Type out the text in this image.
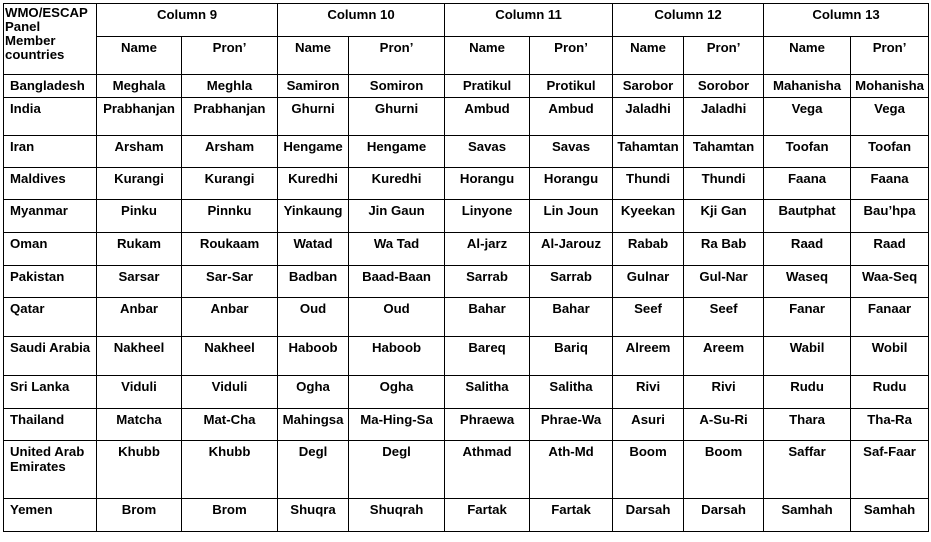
WMO/ESCAP Panel Member countries	Column 9		Column 10		Column 11		Column 12		Column 13	
	Name	Pron’	Name	Pron’	Name	Pron’	Name	Pron’	Name	Pron’
Bangladesh	Meghala	Meghla	Samiron	Somiron	Pratikul	Protikul	Sarobor	Sorobor	Mahanisha	Mohanisha
India	Prabhanjan	Prabhanjan	Ghurni	Ghurni	Ambud	Ambud	Jaladhi	Jaladhi	Vega	Vega
Iran	Arsham	Arsham	Hengame	Hengame	Savas	Savas	Tahamtan	Tahamtan	Toofan	Toofan
Maldives	Kurangi	Kurangi	Kuredhi	Kuredhi	Horangu	Horangu	Thundi	Thundi	Faana	Faana
Myanmar	Pinku	Pinnku	Yinkaung	Jin Gaun	Linyone	Lin Joun	Kyeekan	Kji Gan	Bautphat	Bau’hpa
Oman	Rukam	Roukaam	Watad	Wa Tad	Al-jarz	Al-Jarouz	Rabab	Ra Bab	Raad	Raad
Pakistan	Sarsar	Sar-Sar	Badban	Baad-Baan	Sarrab	Sarrab	Gulnar	Gul-Nar	Waseq	Waa-Seq
Qatar	Anbar	Anbar	Oud	Oud	Bahar	Bahar	Seef	Seef	Fanar	Fanaar
Saudi Arabia	Nakheel	Nakheel	Haboob	Haboob	Bareq	Bariq	Alreem	Areem	Wabil	Wobil
Sri Lanka	Viduli	Viduli	Ogha	Ogha	Salitha	Salitha	Rivi	Rivi	Rudu	Rudu
Thailand	Matcha	Mat-Cha	Mahingsa	Ma-Hing-Sa	Phraewa	Phrae-Wa	Asuri	A-Su-Ri	Thara	Tha-Ra
United Arab Emirates	Khubb	Khubb	Degl	Degl	Athmad	Ath-Md	Boom	Boom	Saffar	Saf-Faar
Yemen	Brom	Brom	Shuqra	Shuqrah	Fartak	Fartak	Darsah	Darsah	Samhah	Samhah
